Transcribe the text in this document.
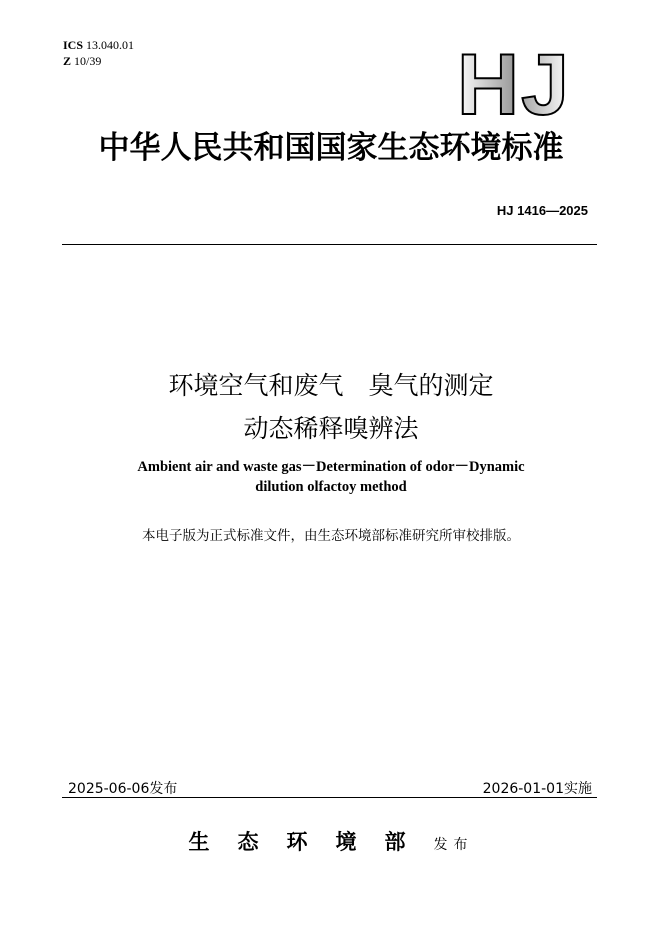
ICS 13.040.01
Z 10/39	HJ
中华人民共和国国家生态环境标准
HJ 1416—2025
环境空气和废气　臭气的测定
动态稀释嗅辨法
Ambient air and waste gas－Determination of odor－Dynamic
dilution olfactoy method
本电子版为正式标准文件，由生态环境部标准研究所审校排版。
2025-06-06发布	2026-01-01实施
生态环境部发布
